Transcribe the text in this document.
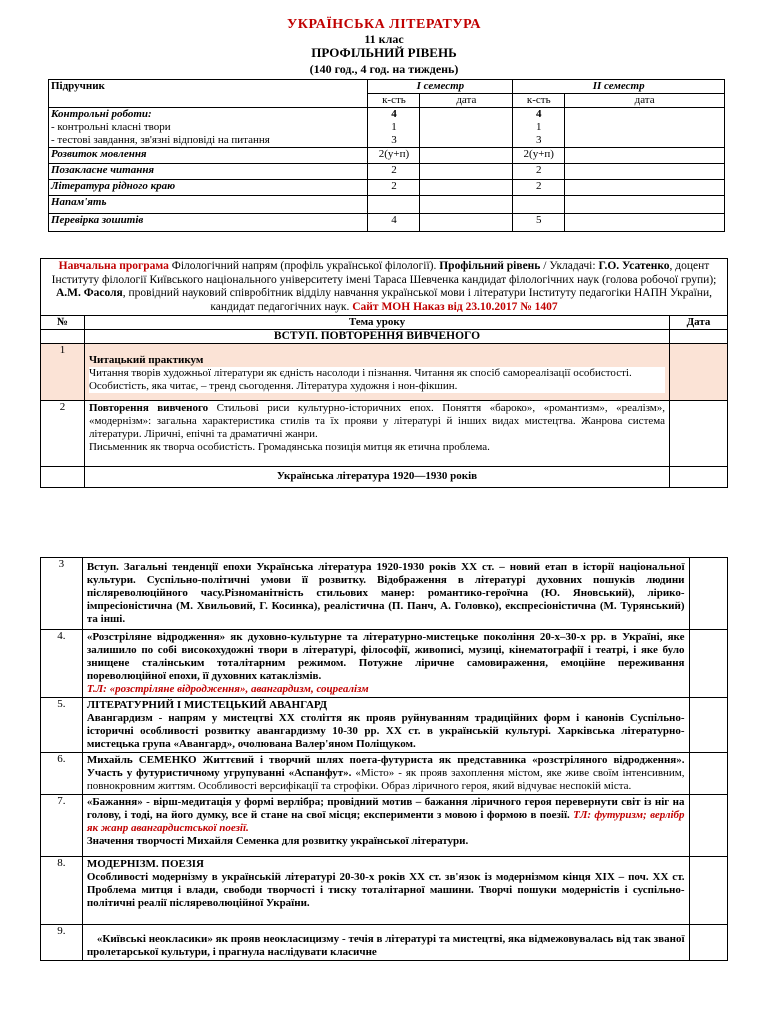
УКРАЇНСЬКА ЛІТЕРАТУРА
11 клас
ПРОФІЛЬНИЙ РІВЕНЬ
(140 год., 4 год. на тиждень)
Підручник	І семестр		ІІ семестр	
	к-сть	дата	к-сть	дата
Контрольні роботи:	4		4	
- контрольні класні твори	1		1	
- тестові завдання, зв'язні відповіді на питання	3		3	
Розвиток мовлення	2(у+п)		2(у+п)	
Позакласне читання	2		2	
Література рідного краю	2		2	
Напам'ять				
Перевірка зошитів	4		5	
Навчальна програма Філологічний напрям (профіль української філології). Профільний рівень / Укладачі: Г.О. Усатенко, доцент Інституту філології Київського національного університету імені Тараса Шевченка кандидат філологічних наук (голова робочої групи); А.М. Фасоля, провідний науковий співробітник відділу навчання української мови і літератури Інституту педагогіки НАПН України, кандидат педагогічних наук. Сайт МОН Наказ від 23.10.2017 № 1407		
№	Тема уроку	Дата
	ВСТУП. ПОВТОРЕННЯ ВИВЧЕНОГО	
1	Читацький практикум
Читання творів художньої літератури як єдність насолоди і пізнання. Читання як спосіб самореалізації особистості. Особистість, яка читає, – тренд сьогодення. Література художня і нон-фікшин.	

2	Повторення вивченого Стильові риси культурно-історичних епох. Поняття «бароко», «романтизм», «реалізм», «модернізм»: загальна характеристика стилів та їх прояви у літературі й інших видах мистецтва. Жанрова система літератури. Ліричні, епічні та драматичні жанри.
Письменник як творча особистість. Громадянська позиція митця як етична проблема.	

	Українська література 1920—1930 років	
3	Вступ. Загальні тенденції епохи Українська література 1920-1930 років ХХ ст. – новий етап в історії національної культури. Суспільно-політичні умови її розвитку. Відображення в літературі духовних пошуків людини післяреволюційного часу.Різноманітність стильових манер: романтико-героїчна (Ю. Яновський), лірико-імпресіоністична (М. Хвильовий, Г. Косинка), реалістична (П. Панч, А. Головко), експресіоністична (М. Турянський) та інші.	
4.	«Розстріляне відродження» як духовно-культурне та літературно-мистецьке покоління 20-х–30-х рр. в Україні, яке залишило по собі високохудожні твори в літературі, філософії, живописі, музиці, кінематографії і театрі, і яке було знищене сталінським тоталітарним режимом. Потужне ліричне самовираження, емоційне переживання пореволюційної епохи, її духовних катаклізмів.
Т.Л: «розстріляне відродження», авангардизм, соцреалізм	

5.	ЛІТЕРАТУРНИЙ І МИСТЕЦЬКИЙ АВАНГАРД
Авангардизм - напрям у мистецтві ХХ століття як прояв руйнуванням традиційних форм і канонів Суспільно-історичні особливості розвитку авангардизму 10-30 рр. ХХ ст. в українській культурі. Харківська літературно-мистецька група «Авангард», очолювана Валер'яном Поліщуком.	

6.	Михайль СЕМЕНКО Життєвий і творчий шлях поета-футуриста як представника «розстріляного відродження». Участь у футуристичному угрупуванні «Аспанфут». «Місто» - як прояв захоплення містом, яке живе своїм інтенсивним, повнокровним життям. Особливості версифікації та строфіки. Образ ліричного героя, який відчуває неспокій міста.	
7.	«Бажання» - вірш-медитація у формі верлібра; провідний мотив – бажання ліричного героя перевернути світ із ніг на голову, і тоді, на його думку, все й стане на свої місця; експерименти з мовою і формою в поезії. ТЛ: футуризм; верлібр як жанр авангардистської поезії.
Значення творчості Михайля Семенка для розвитку української літератури.	

8.	МОДЕРНІЗМ. ПОЕЗІЯ
Особливості модернізму в українській літературі 20-30-х років ХХ ст. зв'язок із модернізмом кінця ХІХ – поч. ХХ ст. Проблема митця і влади, свободи творчості і тиску тоталітарної машини. Творчі пошуки модерністів і суспільно-політичні реалії післяреволюційної України.	

9.	«Київські неокласики» як прояв неокласицизму - течія в літературі та мистецтві, яка відмежовувалась від так званої пролетарської культури, і прагнула наслідувати класичне	
